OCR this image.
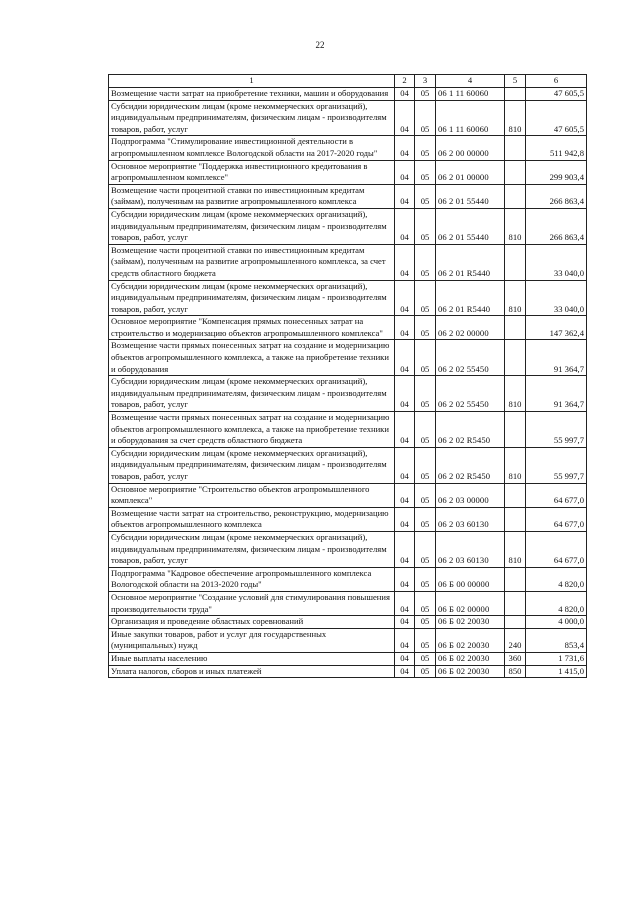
22
1	2	3	4	5	6
Возмещение части затрат на приобретение техники, машин и оборудования	04	05	06 1 11 60060		47 605,5
Субсидии юридическим лицам (кроме некоммерческих организаций), индивидуальным предпринимателям, физическим лицам - производителям товаров, работ, услуг	04	05	06 1 11 60060	810	47 605,5
Подпрограмма "Стимулирование инвестиционной деятельности в агропромышленном комплексе Вологодской области на 2017-2020 годы"	04	05	06 2 00 00000		511 942,8
Основное мероприятие "Поддержка инвестиционного кредитования в агропромышленном комплексе"	04	05	06 2 01 00000		299 903,4
Возмещение части процентной ставки по инвестиционным кредитам (займам), полученным на развитие агропромышленного комплекса	04	05	06 2 01 55440		266 863,4
Субсидии юридическим лицам (кроме некоммерческих организаций), индивидуальным предпринимателям, физическим лицам - производителям товаров, работ, услуг	04	05	06 2 01 55440	810	266 863,4
Возмещение части процентной ставки по инвестиционным кредитам (займам), полученным на развитие агропромышленного комплекса, за счет средств областного бюджета	04	05	06 2 01 R5440		33 040,0
Субсидии юридическим лицам (кроме некоммерческих организаций), индивидуальным предпринимателям, физическим лицам - производителям товаров, работ, услуг	04	05	06 2 01 R5440	810	33 040,0
Основное мероприятие "Компенсация прямых понесенных затрат на строительство и модернизацию объектов агропромышленного комплекса"	04	05	06 2 02 00000		147 362,4
Возмещение части прямых понесенных затрат на создание и модернизацию объектов агропромышленного комплекса, а также на приобретение техники и оборудования	04	05	06 2 02 55450		91 364,7
Субсидии юридическим лицам (кроме некоммерческих организаций), индивидуальным предпринимателям, физическим лицам - производителям товаров, работ, услуг	04	05	06 2 02 55450	810	91 364,7
Возмещение части прямых понесенных затрат на создание и модернизацию объектов агропромышленного комплекса, а также на приобретение техники и оборудования за счет средств областного бюджета	04	05	06 2 02 R5450		55 997,7
Субсидии юридическим лицам (кроме некоммерческих организаций), индивидуальным предпринимателям, физическим лицам - производителям товаров, работ, услуг	04	05	06 2 02 R5450	810	55 997,7
Основное мероприятие "Строительство объектов агропромышленного комплекса"	04	05	06 2 03 00000		64 677,0
Возмещение части затрат на строительство, реконструкцию, модернизацию объектов агропромышленного комплекса	04	05	06 2 03 60130		64 677,0
Субсидии юридическим лицам (кроме некоммерческих организаций), индивидуальным предпринимателям, физическим лицам - производителям товаров, работ, услуг	04	05	06 2 03 60130	810	64 677,0
Подпрограмма "Кадровое обеспечение агропромышленного комплекса Вологодской области на 2013-2020 годы"	04	05	06 Б 00 00000		4 820,0
Основное мероприятие "Создание условий для стимулирования повышения производительности труда"	04	05	06 Б 02 00000		4 820,0
Организация и проведение областных соревнований	04	05	06 Б 02 20030		4 000,0
Иные закупки товаров, работ и услуг для государственных (муниципальных) нужд	04	05	06 Б 02 20030	240	853,4
Иные выплаты населению	04	05	06 Б 02 20030	360	1 731,6
Уплата налогов, сборов и иных платежей	04	05	06 Б 02 20030	850	1 415,0
